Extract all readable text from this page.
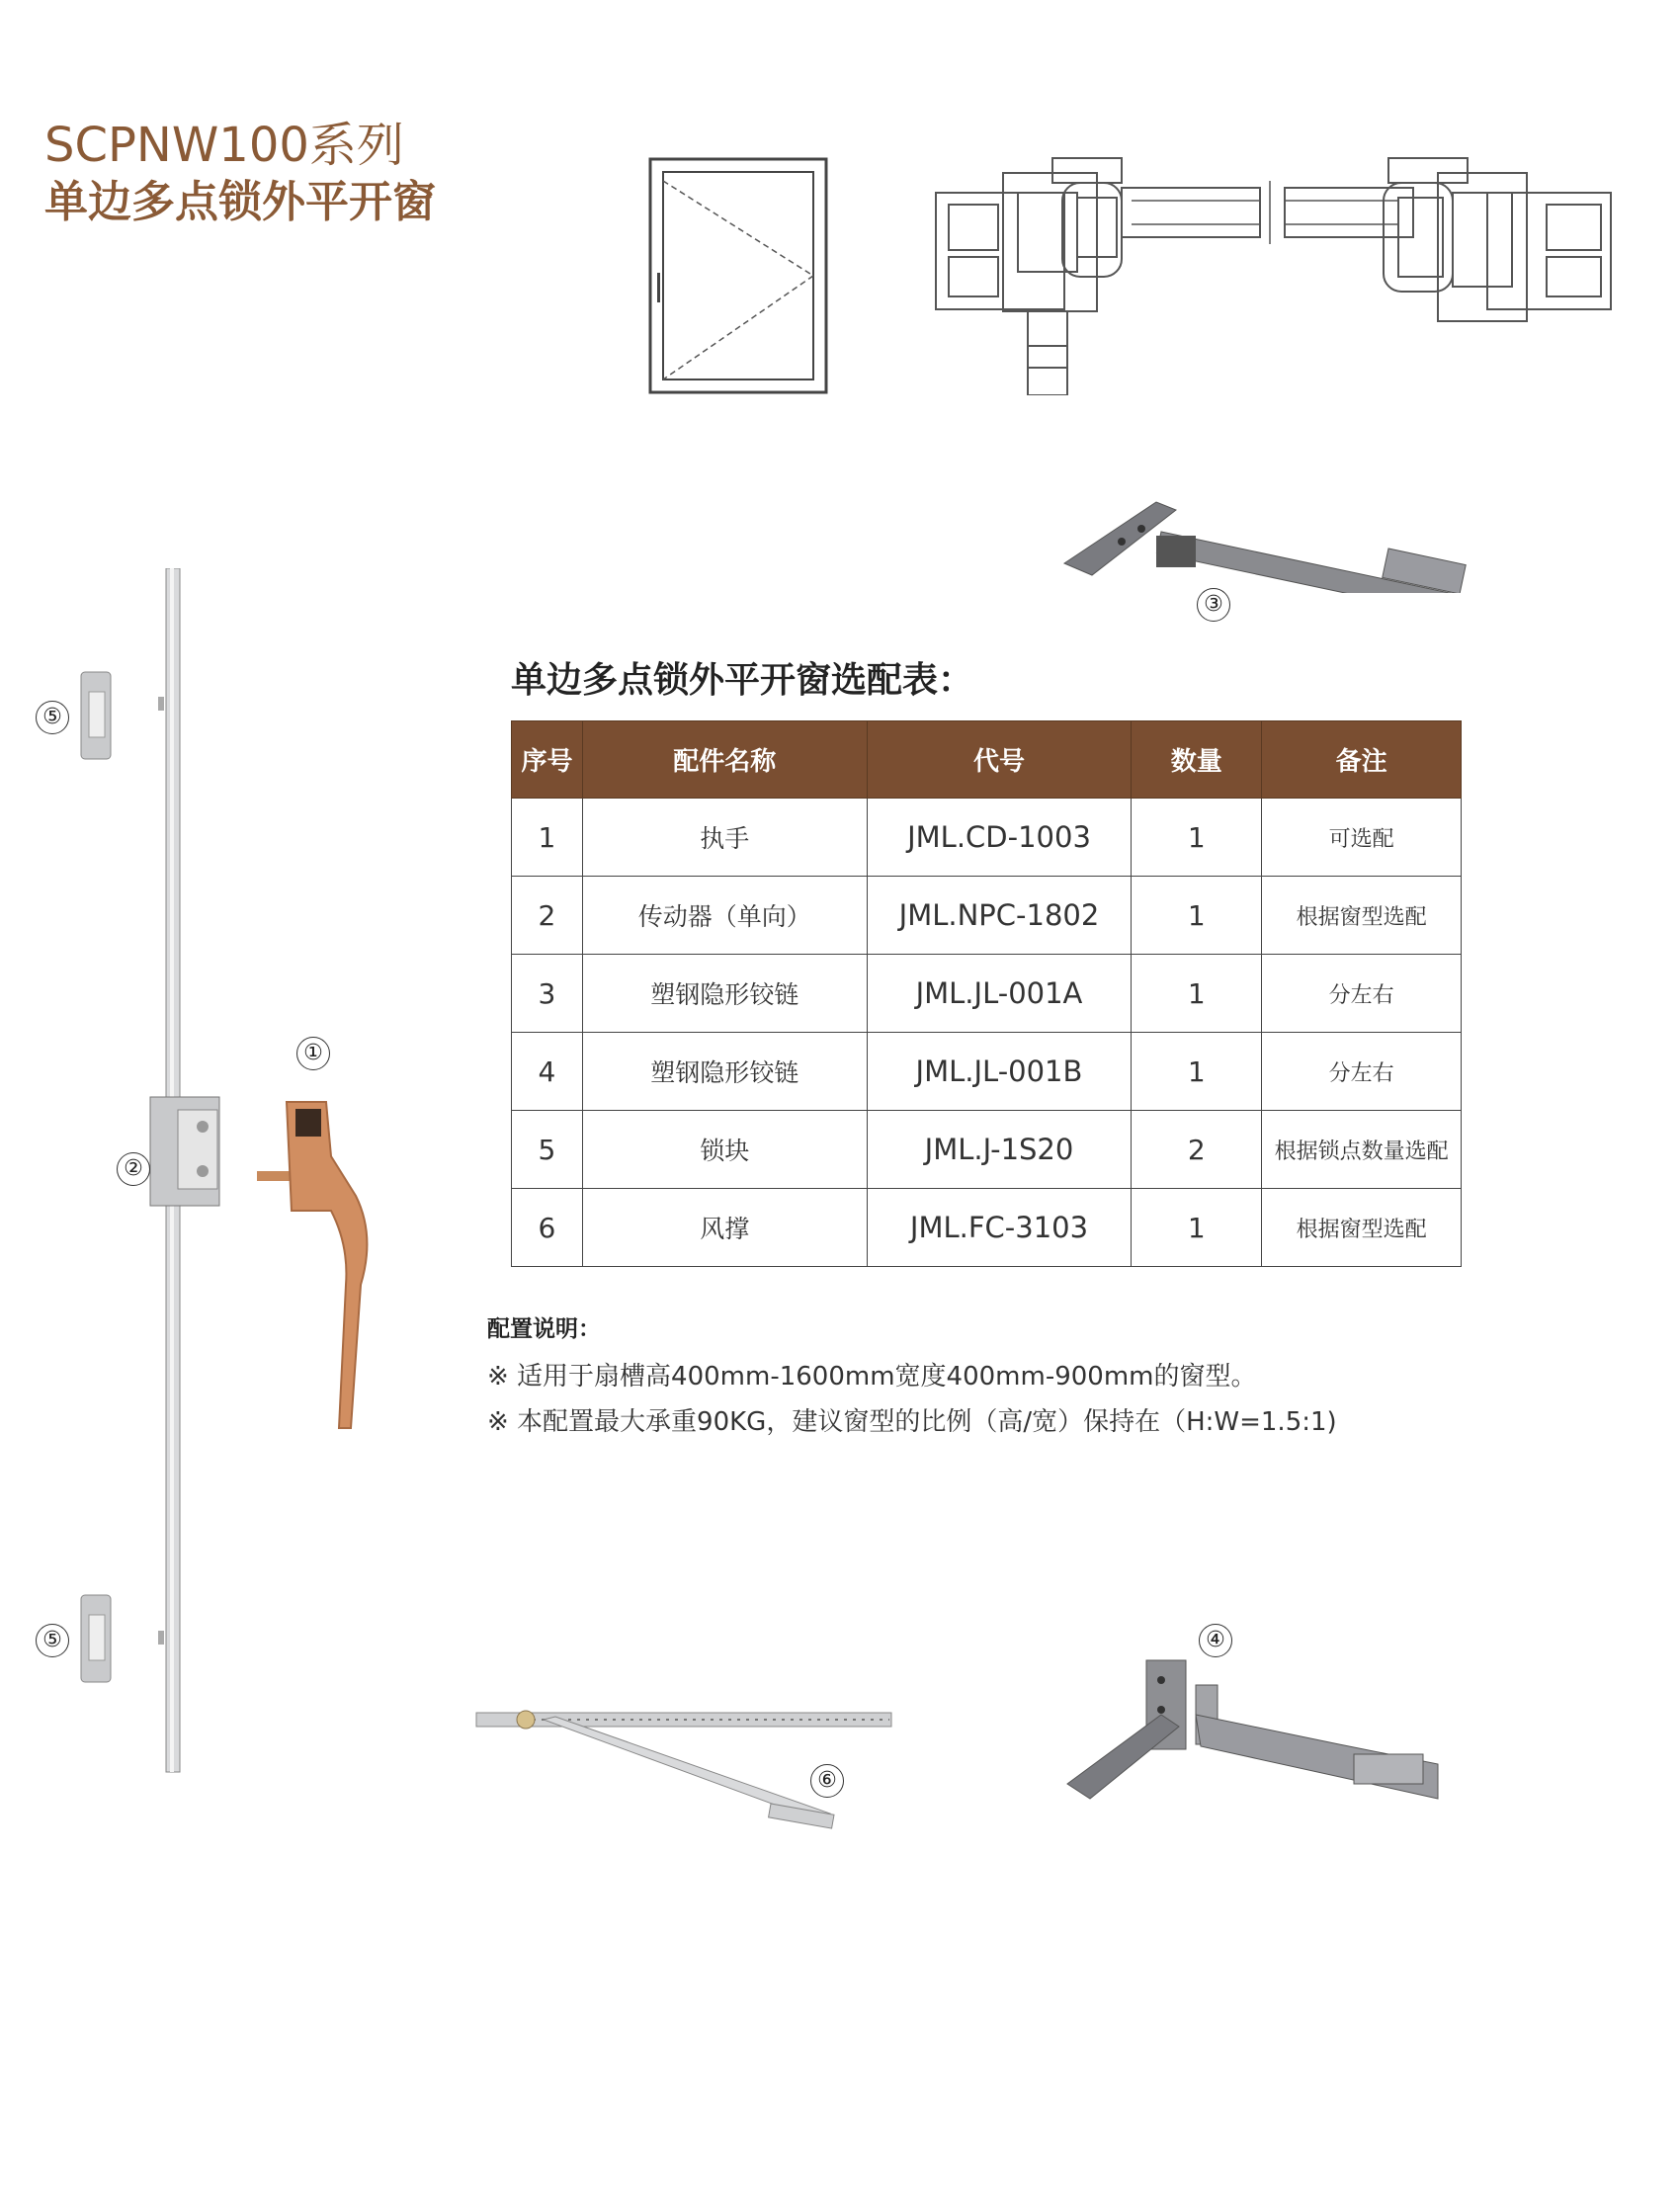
SCPNW100系列
单边多点锁外平开窗
③
单边多点锁外平开窗选配表：
序号	配件名称	代号	数量	备注
1	执手	JML.CD-1003	1	可选配
2	传动器（单向）	JML.NPC-1802	1	根据窗型选配
3	塑钢隐形铰链	JML.JL-001A	1	分左右
4	塑钢隐形铰链	JML.JL-001B	1	分左右
5	锁块	JML.J-1S20	2	根据锁点数量选配
6	风撑	JML.FC-3103	1	根据窗型选配
配置说明：
※ 适用于扇槽高400mm-1600mm宽度400mm-900mm的窗型。
※ 本配置最大承重90KG，建议窗型的比例（高/宽）保持在（H:W=1.5:1)
②
⑤
⑤
①
⑥
④
